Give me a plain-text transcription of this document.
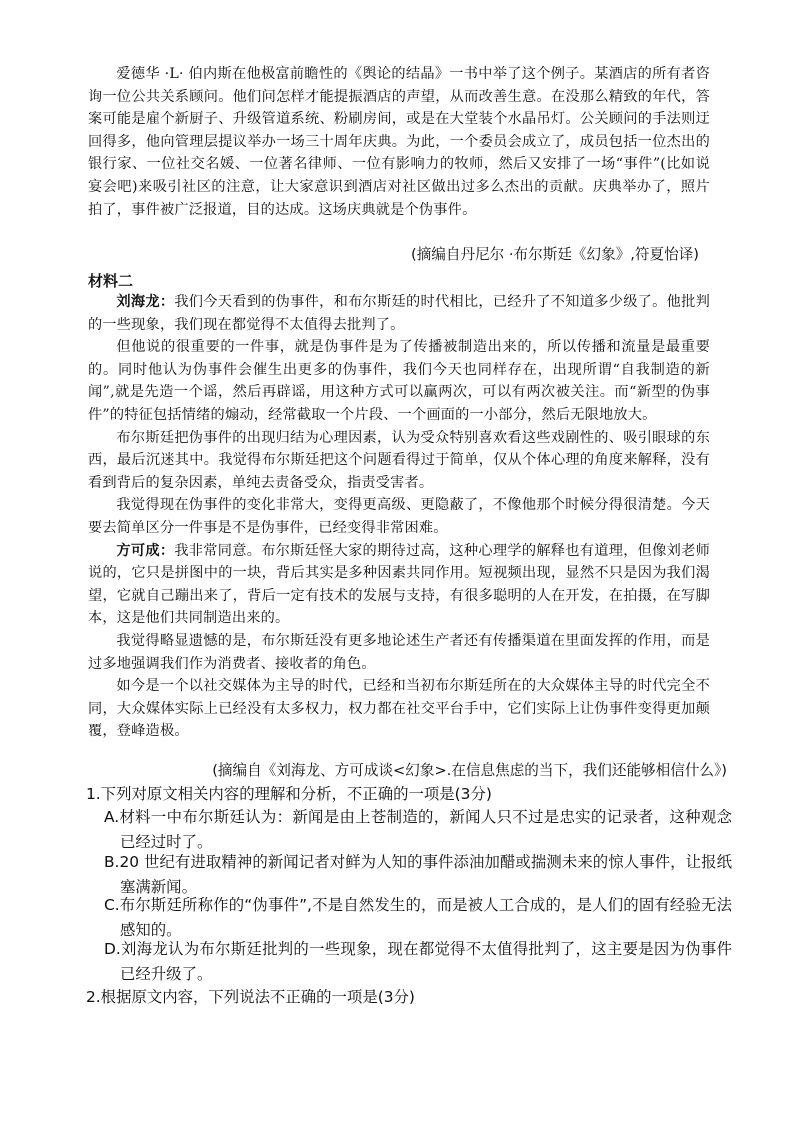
爱德华 ·L· 伯内斯在他极富前瞻性的《舆论的结晶》一书中举了这个例子。某酒店的所有者咨询一位公共关系顾问。他们问怎样才能提振酒店的声望，从而改善生意。在没那么精致的年代，答案可能是雇个新厨子、升级管道系统、粉刷房间，或是在大堂装个水晶吊灯。公关顾问的手法则迂回得多，他向管理层提议举办一场三十周年庆典。为此，一个委员会成立了，成员包括一位杰出的银行家、一位社交名媛、一位著名律师、一位有影响力的牧师，然后又安排了一场“事件”(比如说宴会吧)来吸引社区的注意，让大家意识到酒店对社区做出过多么杰出的贡献。庆典举办了，照片拍了，事件被广泛报道，目的达成。这场庆典就是个伪事件。

(摘编自丹尼尔 ·布尔斯廷《幻象》,符夏怡译)

材料二

刘海龙：我们今天看到的伪事件，和布尔斯廷的时代相比，已经升了不知道多少级了。他批判的一些现象，我们现在都觉得不太值得去批判了。

但他说的很重要的一件事，就是伪事件是为了传播被制造出来的，所以传播和流量是最重要的。同时他认为伪事件会催生出更多的伪事件，我们今天也同样存在，出现所谓“自我制造的新闻”,就是先造一个谣，然后再辟谣，用这种方式可以赢两次，可以有两次被关注。而“新型的伪事件”的特征包括情绪的煽动，经常截取一个片段、一个画面的一小部分，然后无限地放大。

布尔斯廷把伪事件的出现归结为心理因素，认为受众特别喜欢看这些戏剧性的、吸引眼球的东西，最后沉迷其中。我觉得布尔斯廷把这个问题看得过于简单，仅从个体心理的角度来解释，没有看到背后的复杂因素，单纯去责备受众，指责受害者。

我觉得现在伪事件的变化非常大，变得更高级、更隐蔽了，不像他那个时候分得很清楚。今天要去简单区分一件事是不是伪事件，已经变得非常困难。

方可成：我非常同意。布尔斯廷怪大家的期待过高，这种心理学的解释也有道理，但像刘老师说的，它只是拼图中的一块，背后其实是多种因素共同作用。短视频出现，显然不只是因为我们渴望，它就自己蹦出来了，背后一定有技术的发展与支持，有很多聪明的人在开发，在拍摄，在写脚本，这是他们共同制造出来的。

我觉得略显遗憾的是，布尔斯廷没有更多地论述生产者还有传播渠道在里面发挥的作用，而是过多地强调我们作为消费者、接收者的角色。

如今是一个以社交媒体为主导的时代，已经和当初布尔斯廷所在的大众媒体主导的时代完全不同，大众媒体实际上已经没有太多权力，权力都在社交平台手中，它们实际上让伪事件变得更加颠覆，登峰造极。

(摘编自《刘海龙、方可成谈<幻象>.在信息焦虑的当下，我们还能够相信什么》)

1.下列对原文相关内容的理解和分析，不正确的一项是(3分)

A.材料一中布尔斯廷认为：新闻是由上苍制造的，新闻人只不过是忠实的记录者，这种观念已经过时了。

B.20 世纪有进取精神的新闻记者对鲜为人知的事件添油加醋或揣测未来的惊人事件，让报纸塞满新闻。

C.布尔斯廷所称作的“伪事件”,不是自然发生的，而是被人工合成的，是人们的固有经验无法感知的。

D.刘海龙认为布尔斯廷批判的一些现象，现在都觉得不太值得批判了，这主要是因为伪事件已经升级了。

2.根据原文内容，下列说法不正确的一项是(3分)
